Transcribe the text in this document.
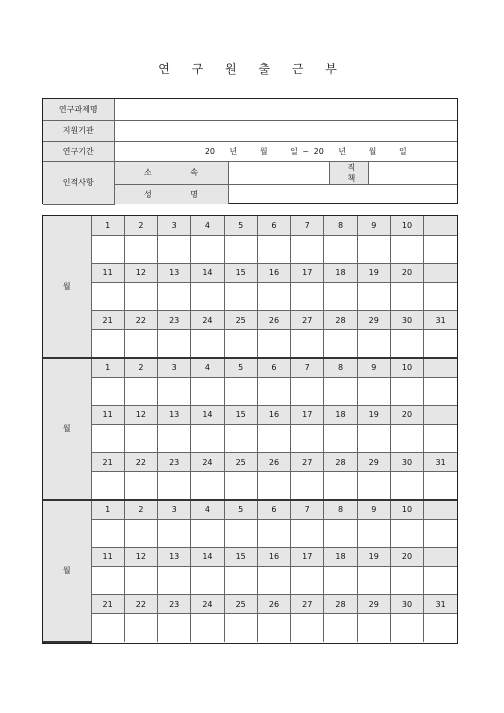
연 구 원 출 근 부
연구과제명				
지원기관				
연구기간	20 년 월 일 ~ 20 년 월 일			
인적사항	소 속		직 책	
	성 명			
월	1	2	3	4	5	6	7	8	9	10	

	11	12	13	14	15	16	17	18	19	20	

	21	22	23	24	25	26	27	28	29	30	31

월	1	2	3	4	5	6	7	8	9	10	

	11	12	13	14	15	16	17	18	19	20	

	21	22	23	24	25	26	27	28	29	30	31

월	1	2	3	4	5	6	7	8	9	10	

	11	12	13	14	15	16	17	18	19	20	

	21	22	23	24	25	26	27	28	29	30	31
